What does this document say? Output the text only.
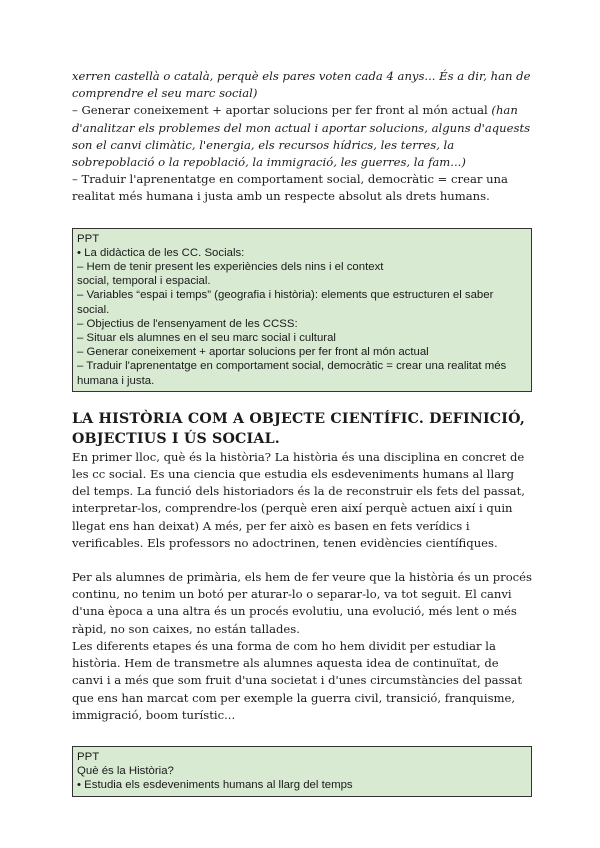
xerren castellà o català, perquè els pares voten cada 4 anys... És a dir, han de comprendre el seu marc social)

– Generar coneixement + aportar solucions per fer front al món actual (han d'analitzar els problemes del mon actual i aportar solucions, alguns d'aquests son el canvi climàtic, l'energia, els recursos hídrics, les terres, la sobrepoblació o la repoblació, la immigració, les guerres, la fam...)

– Traduir l'aprenentatge en comportament social, democràtic = crear una realitat més humana i justa amb un respecte absolut als drets humans.

PPT
• La didàctica de les CC. Socials:
– Hem de tenir present les experiències dels nins i el context
social, temporal i espacial.
– Variables “espai i temps” (geografia i història): elements que estructuren el saber social.
– Objectius de l'ensenyament de les CCSS:
– Situar els alumnes en el seu marc social i cultural
– Generar coneixement + aportar solucions per fer front al món actual
– Traduir l'aprenentatge en comportament social, democràtic = crear una realitat més humana i justa.
LA HISTÒRIA COM A OBJECTE CIENTÍFIC. DEFINICIÓ, OBJECTIUS I ÚS SOCIAL.

En primer lloc, què és la història? La història és una disciplina en concret de les cc social. Es una ciencia que estudia els esdeveniments humans al llarg del temps. La funció dels historiadors és la de reconstruir els fets del passat, interpretar-los, comprendre-los (perquè eren així perquè actuen així i quin llegat ens han deixat) A més, per fer això es basen en fets verídics i verificables. Els professors no adoctrinen, tenen evidències científiques.

Per als alumnes de primària, els hem de fer veure que la història és un procés continu, no tenim un botó per aturar-lo o separar-lo, va tot seguit. El canvi d'una època a una altra és un procés evolutiu, una evolució, més lent o més ràpid, no son caixes, no están tallades.

Les diferents etapes és una forma de com ho hem dividit per estudiar la història. Hem de transmetre als alumnes aquesta idea de continuïtat, de canvi i a més que som fruit d'una societat i d'unes circumstàncies del passat que ens han marcat com per exemple la guerra civil, transició, franquisme, immigració, boom turístic...

PPT
Què és la Història?
• Estudia els esdeveniments humans al llarg del temps
